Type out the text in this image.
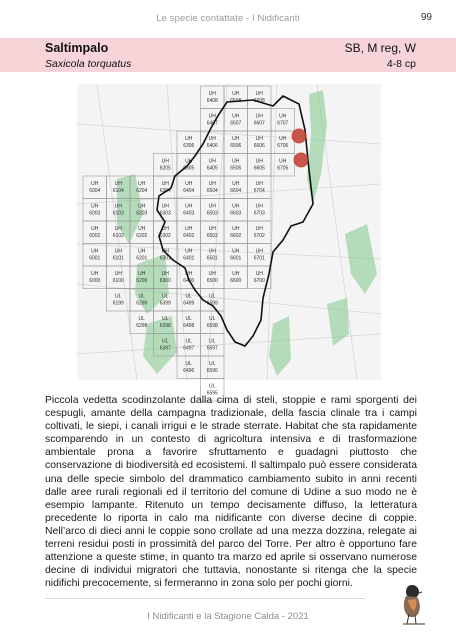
Le specie contattate - I Nidificanti	99
Saltimpalo
Saxicola torquatus
SB, M reg, W
4-8 cp
UH
6408
UH
6508
UH
6608
UH
6407
UH
6507
UH
6607
UH
6707
UH
6306
UH
6406
UH
6506
UH
6606
UH
6706
UH
6205
UH
6305
UH
6405
UH
6505
UH
6605
UH
6705
UH
6004
UH
6104
UH
6204
UH
6304
UH
6404
UH
6504
UH
6604
UH
6704
UH
6003
UH
6103
UH
6203
UH
6303
UH
6403
UH
6503
UH
6603
UH
6703
UH
6002
UH
6102
UH
6202
UH
6302
UH
6402
UH
6502
UH
6602
UH
6702
UH
6001
UH
6101
UH
6201
UH
6301
UH
6401
UH
6501
UH
6601
UH
6701
UH
6000
UH
6100
UH
6200
UH
6300
UH
6400
UH
6500
UH
6600
UH
6700
UL
6199
UL
6299
UL
6399
UL
6499
UL
6599
UL
6298
UL
6398
UL
6498
UL
6598
UL
6397
UL
6497
UL
6597
UL
6496
UL
6596
UL
6595

Piccola vedetta scodinzolante dalla cima di steli, stoppie e rami sporgenti dei cespugli, amante della campagna tradizionale, della fascia clinale tra i campi coltivati, le siepi, i canali irrigui e le strade sterrate. Habitat che sta rapidamente scomparendo in un contesto di agricoltura intensiva e di trasformazione ambientale prona a favorire sfruttamento e guadagni piuttosto che conservazione di biodiversità ed ecosistemi. Il saltimpalo può essere considerata una delle specie simbolo del drammatico cambiamento subito in anni recenti dalle aree rurali regionali ed il territorio del comune di Udine a suo modo ne è esempio lampante. Ritenuto un tempo decisamente diffuso, la letteratura precedente lo riporta in calo ma nidificante con diverse decine di coppie. Nell’arco di dieci anni le coppie sono crollate ad una mezza dozzina, relegate ai terreni residui posti in prossimità del parco del Torre. Per altro è opportuno fare attenzione a queste stime, in quanto tra marzo ed aprile si osservano numerose decine di individui migratori che tuttavia, nonostante si ritenga che la specie nidifichi precocemente, si fermeranno in zona solo per pochi giorni.

I Nidificanti e la Stagione Calda - 2021
